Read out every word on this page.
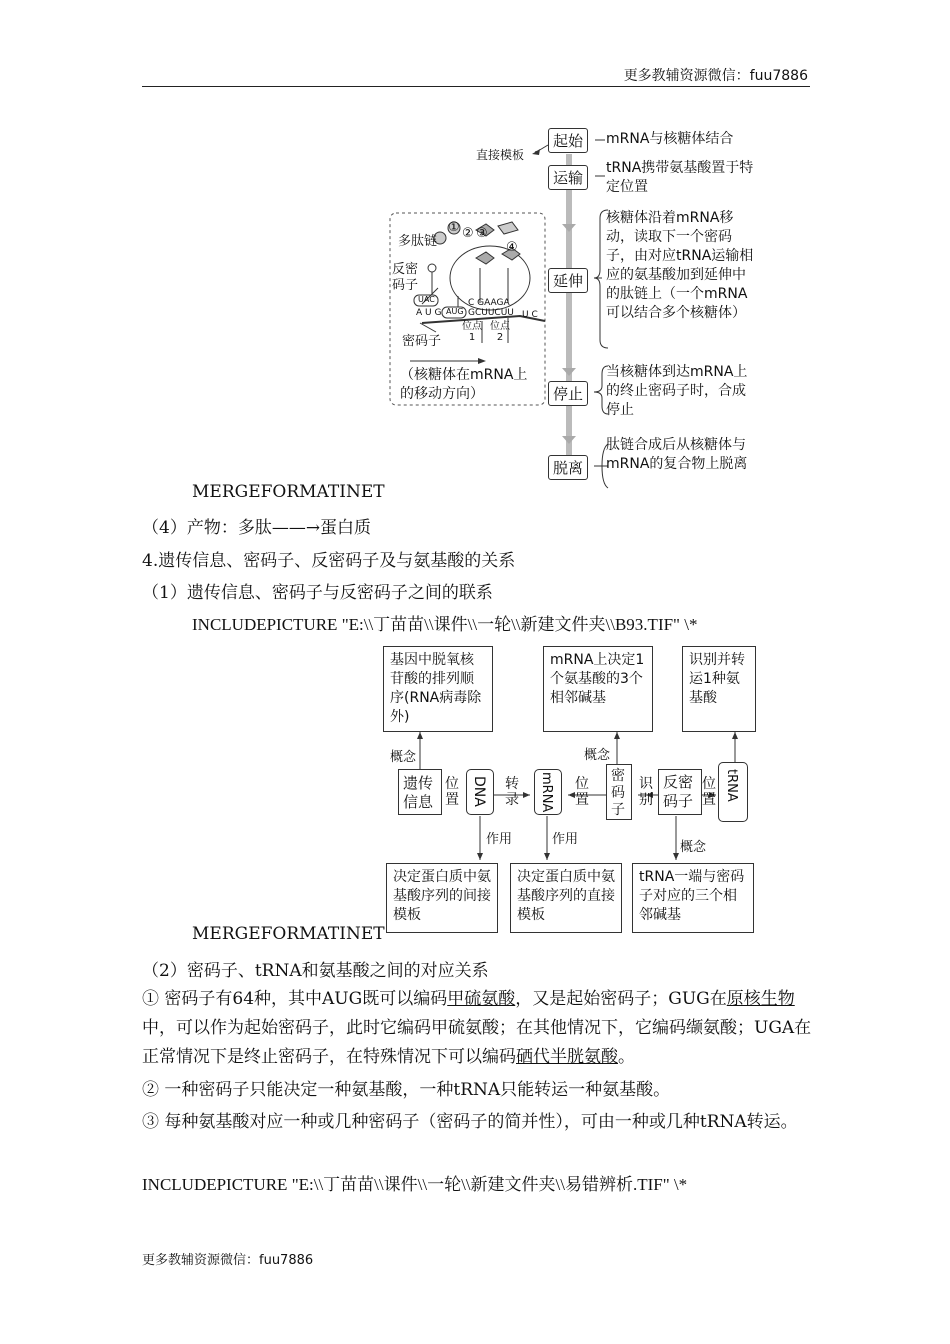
更多教辅资源微信：fuu7886
更多教辅资源微信：fuu7886
直接模板
起始
运输
延伸
停止
脱离
mRNA与核糖体结合
tRNA携带氨基酸置于特定位置
核糖体沿着mRNA移动，读取下一个密码子，由对应tRNA运输相应的氨基酸加到延伸中的肽链上（一个mRNA可以结合多个核糖体）
当核糖体到达mRNA上的终止密码子时，合成停止
肽链合成后从核糖体与mRNA的复合物上脱离
多肽链
反密码子
密码子
UAC
AUG
C GAAGA
GCUUCUU
A U G	U C
① ② ③
④
位点
1
位点
2
（核糖体在mRNA上的移动方向）
MERGEFORMATINET
（4）产物：多肽——→蛋白质
4.遗传信息、密码子、反密码子及与氨基酸的关系
（1）遗传信息、密码子与反密码子之间的联系
INCLUDEPICTURE "E:\\丁苗苗\\课件\\一轮\\新建文件夹\\B93.TIF" \*
基因中脱氧核苷酸的排列顺序(RNA病毒除外)
mRNA上决定1个氨基酸的3个相邻碱基
识别并转运1种氨基酸
概念	概念
概念
作用	作用
遗传信息
位置 DNA 转录 mRNA 位置
密码子
识别
反密码子
位置 tRNA
决定蛋白质中氨基酸序列的间接模板
决定蛋白质中氨基酸序列的直接模板
tRNA一端与密码子对应的三个相邻碱基
MERGEFORMATINET
（2）密码子、tRNA和氨基酸之间的对应关系
① 密码子有64种，其中AUG既可以编码甲硫氨酸，又是起始密码子；GUG在原核生物中，可以作为起始密码子，此时它编码甲硫氨酸；在其他情况下，它编码缬氨酸；UGA在正常情况下是终止密码子，在特殊情况下可以编码硒代半胱氨酸。
② 一种密码子只能决定一种氨基酸，一种tRNA只能转运一种氨基酸。
③ 每种氨基酸对应一种或几种密码子（密码子的简并性），可由一种或几种tRNA转运。
INCLUDEPICTURE "E:\\丁苗苗\\课件\\一轮\\新建文件夹\\易错辨析.TIF" \*
